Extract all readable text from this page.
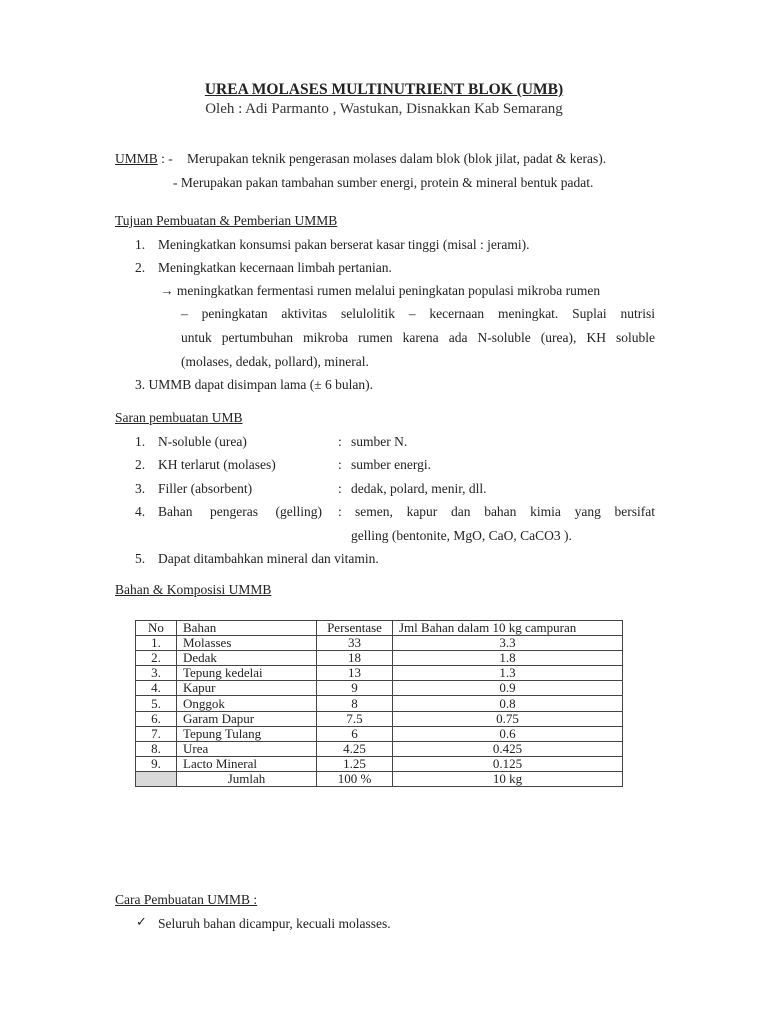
UREA MOLASES MULTINUTRIENT BLOK (UMB)
Oleh : Adi Parmanto , Wastukan, Disnakkan Kab Semarang
UMMB : - Merupakan teknik pengerasan molases dalam blok (blok jilat, padat & keras).
- Merupakan pakan tambahan sumber energi, protein & mineral bentuk padat.
Tujuan Pembuatan & Pemberian UMMB
1. Meningkatkan konsumsi pakan berserat kasar tinggi (misal : jerami).
2. Meningkatkan kecernaan limbah pertanian.
→ meningkatkan fermentasi rumen melalui peningkatan populasi mikroba rumen
– peningkatan aktivitas selulolitik – kecernaan meningkat. Suplai nutrisi
untuk pertumbuhan mikroba rumen karena ada N-soluble (urea), KH soluble
(molases, dedak, pollard), mineral.
3. UMMB dapat disimpan lama (± 6 bulan).
Saran pembuatan UMB
1. N-soluble (urea)	: sumber N.
2. KH terlarut (molases)	: sumber energi.
3. Filler (absorbent)	: dedak, polard, menir, dll.
4. Bahan pengeras (gelling) : semen, kapur dan bahan kimia yang bersifat
gelling (bentonite, MgO, CaO, CaCO3 ).
5. Dapat ditambahkan mineral dan vitamin.
Bahan & Komposisi UMMB
No	Bahan	Persentase	Jml Bahan dalam 10 kg campuran
1.	Molasses	33	3.3
2.	Dedak	18	1.8
3.	Tepung kedelai	13	1.3
4.	Kapur	9	0.9
5.	Onggok	8	0.8
6.	Garam Dapur	7.5	0.75
7.	Tepung Tulang	6	0.6
8.	Urea	4.25	0.425
9.	Lacto Mineral	1.25	0.125
	Jumlah	100 %	10 kg
Cara Pembuatan UMMB :
✓ Seluruh bahan dicampur, kecuali molasses.
